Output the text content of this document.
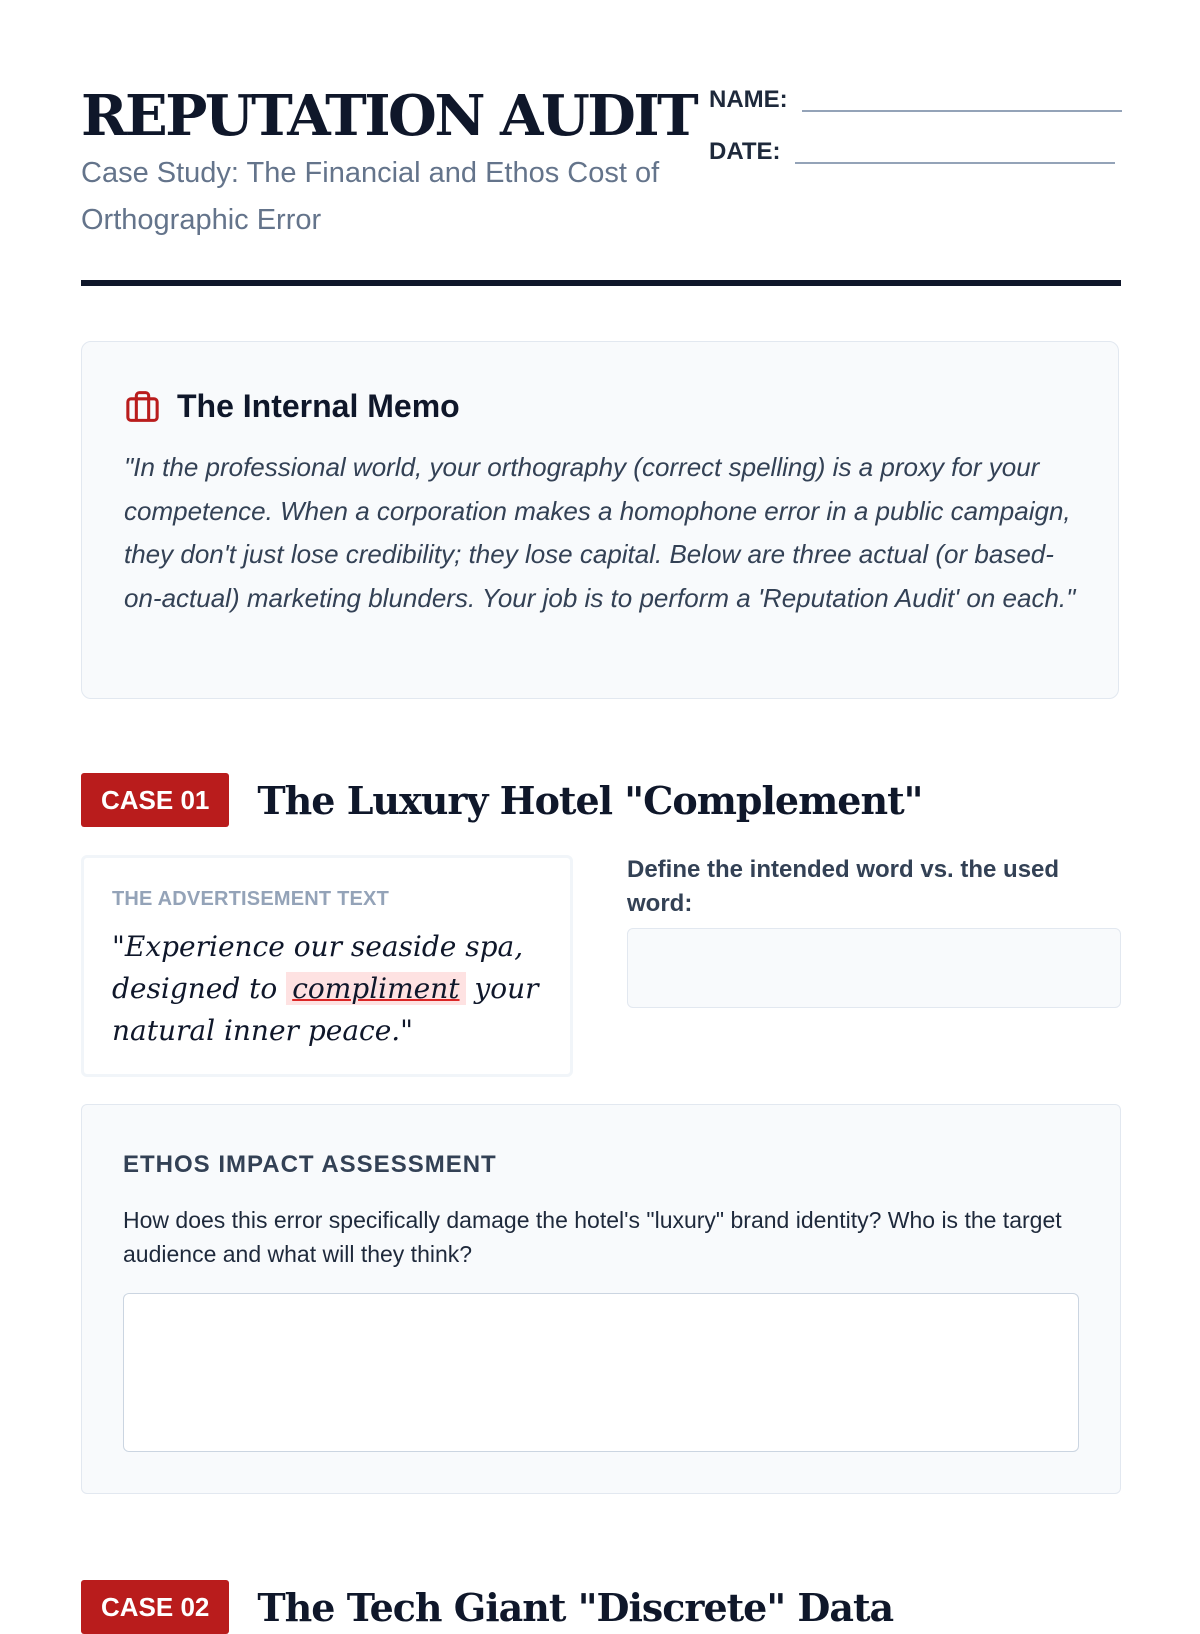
REPUTATION AUDIT

Case Study: The Financial and Ethos Cost of Orthographic Error

NAME:
DATE:
The Internal Memo

"In the professional world, your orthography (correct spelling) is a proxy for your competence. When a corporation makes a homophone error in a public campaign, they don't just lose credibility; they lose capital. Below are three actual (or based-on-actual) marketing blunders. Your job is to perform a 'Reputation Audit' on each."

CASE 01	The Luxury Hotel "Complement"
THE ADVERTISEMENT TEXT

"Experience our seaside spa, designed to compliment your natural inner peace."

Define the intended word vs. the used word:

ETHOS IMPACT ASSESSMENT

How does this error specifically damage the hotel's "luxury" brand identity? Who is the target audience and what will they think?

CASE 02	The Tech Giant "Discrete" Data
